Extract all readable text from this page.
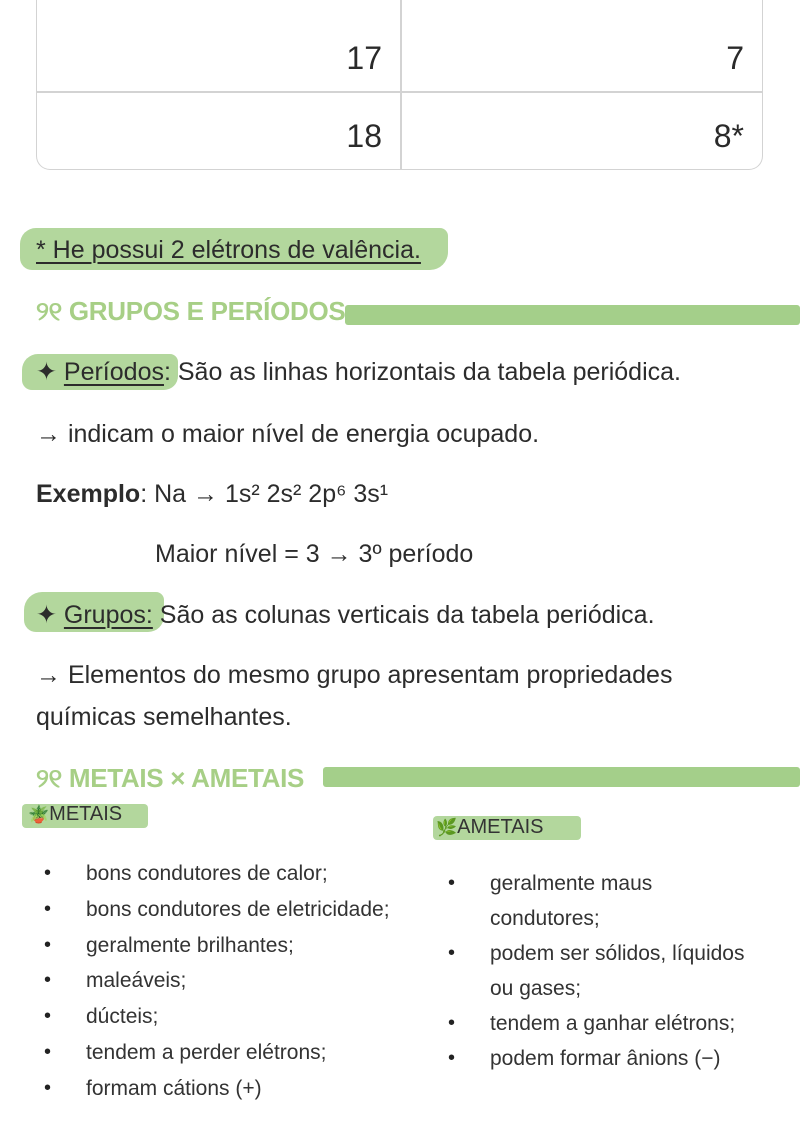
17	7
18	8*
* He possui 2 elétrons de valência.
୨୧ GRUPOS E PERÍODOS
✦ Períodos: São as linhas horizontais da tabela periódica.
→ indicam o maior nível de energia ocupado.
Exemplo: Na → 1s² 2s² 2p⁶ 3s¹
Maior nível = 3 → 3º período
✦ Grupos: São as colunas verticais da tabela periódica.
→ Elementos do mesmo grupo apresentam propriedades
químicas semelhantes.
୨୧ METAIS × AMETAIS
🪴METAIS
🌿AMETAIS
• bons condutores de calor;
• bons condutores de eletricidade;
• geralmente brilhantes;
• maleáveis;
• dúcteis;
• tendem a perder elétrons;
• formam cátions (+)
• geralmente maus
condutores;
• podem ser sólidos, líquidos
ou gases;
• tendem a ganhar elétrons;
• podem formar ânions (−)
